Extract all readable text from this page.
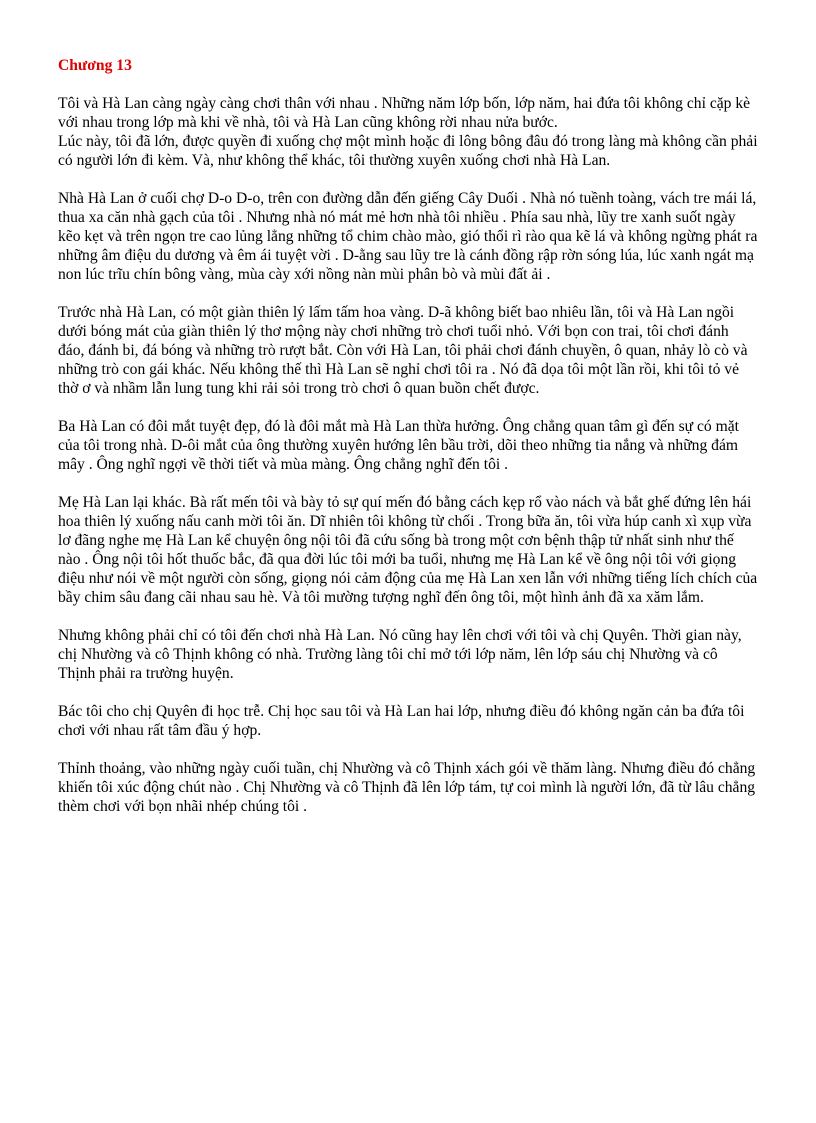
Chương 13
Tôi và Hà Lan càng ngày càng chơi thân với nhau . Những năm lớp bốn, lớp năm, hai đứa tôi không chỉ cặp kè với nhau trong lớp mà khi về nhà, tôi và Hà Lan cũng không rời nhau nửa bước.
Lúc này, tôi đã lớn, được quyền đi xuống chợ một mình hoặc đi lông bông đâu đó trong làng mà không cần phải có người lớn đi kèm. Và, như không thể khác, tôi thường xuyên xuống chơi nhà Hà Lan.
Nhà Hà Lan ở cuối chợ D-o D-o, trên con đường dẫn đến giếng Cây Duối . Nhà nó tuềnh toàng, vách tre mái lá, thua xa căn nhà gạch của tôi . Nhưng nhà nó mát mẻ hơn nhà tôi nhiều . Phía sau nhà, lũy tre xanh suốt ngày kẽo kẹt và trên ngọn tre cao lủng lẳng những tổ chim chào mào, gió thổi rì rào qua kẽ lá và không ngừng phát ra những âm điệu du dương và êm ái tuyệt vời . D-ằng sau lũy tre là cánh đồng rập rờn sóng lúa, lúc xanh ngát mạ non lúc trĩu chín bông vàng, mùa cày xới nồng nàn mùi phân bò và mùi đất ải .
Trước nhà Hà Lan, có một giàn thiên lý lấm tấm hoa vàng. D-ã không biết bao nhiêu lần, tôi và Hà Lan ngồi dưới bóng mát của giàn thiên lý thơ mộng này chơi những trò chơi tuổi nhỏ. Với bọn con trai, tôi chơi đánh đáo, đánh bi, đá bóng và những trò rượt bắt. Còn với Hà Lan, tôi phải chơi đánh chuyền, ô quan, nhảy lò cò và những trò con gái khác. Nếu không thế thì Hà Lan sẽ nghỉ chơi tôi ra . Nó đã dọa tôi một lần rồi, khi tôi tỏ vẻ thờ ơ và nhầm lẫn lung tung khi rải sỏi trong trò chơi ô quan buồn chết được.
Ba Hà Lan có đôi mắt tuyệt đẹp, đó là đôi mắt mà Hà Lan thừa hưởng. Ông chẳng quan tâm gì đến sự có mặt của tôi trong nhà. D-ôi mắt của ông thường xuyên hướng lên bầu trời, dõi theo những tia nắng và những đám mây . Ông nghĩ ngợi về thời tiết và mùa màng. Ông chẳng nghĩ đến tôi .
Mẹ Hà Lan lại khác. Bà rất mến tôi và bày tỏ sự quí mến đó bằng cách kẹp rổ vào nách và bắt ghế đứng lên hái hoa thiên lý xuống nấu canh mời tôi ăn. Dĩ nhiên tôi không từ chối . Trong bữa ăn, tôi vừa húp canh xì xụp vừa lơ đãng nghe mẹ Hà Lan kể chuyện ông nội tôi đã cứu sống bà trong một cơn bệnh thập tử nhất sinh như thế nào . Ông nội tôi hốt thuốc bắc, đã qua đời lúc tôi mới ba tuổi, nhưng mẹ Hà Lan kể về ông nội tôi với giọng điệu như nói về một người còn sống, giọng nói cảm động của mẹ Hà Lan xen lẫn với những tiếng lích chích của bầy chim sâu đang cãi nhau sau hè. Và tôi mường tượng nghĩ đến ông tôi, một hình ảnh đã xa xăm lắm.
Nhưng không phải chỉ có tôi đến chơi nhà Hà Lan. Nó cũng hay lên chơi với tôi và chị Quyên. Thời gian này, chị Nhường và cô Thịnh không có nhà. Trường làng tôi chỉ mở tới lớp năm, lên lớp sáu chị Nhường và cô Thịnh phải ra trường huyện.
Bác tôi cho chị Quyên đi học trễ. Chị học sau tôi và Hà Lan hai lớp, nhưng điều đó không ngăn cản ba đứa tôi chơi với nhau rất tâm đầu ý hợp.
Thỉnh thoảng, vào những ngày cuối tuần, chị Nhường và cô Thịnh xách gói về thăm làng. Nhưng điều đó chẳng khiến tôi xúc động chút nào . Chị Nhường và cô Thịnh đã lên lớp tám, tự coi mình là người lớn, đã từ lâu chẳng thèm chơi với bọn nhãi nhép chúng tôi .
